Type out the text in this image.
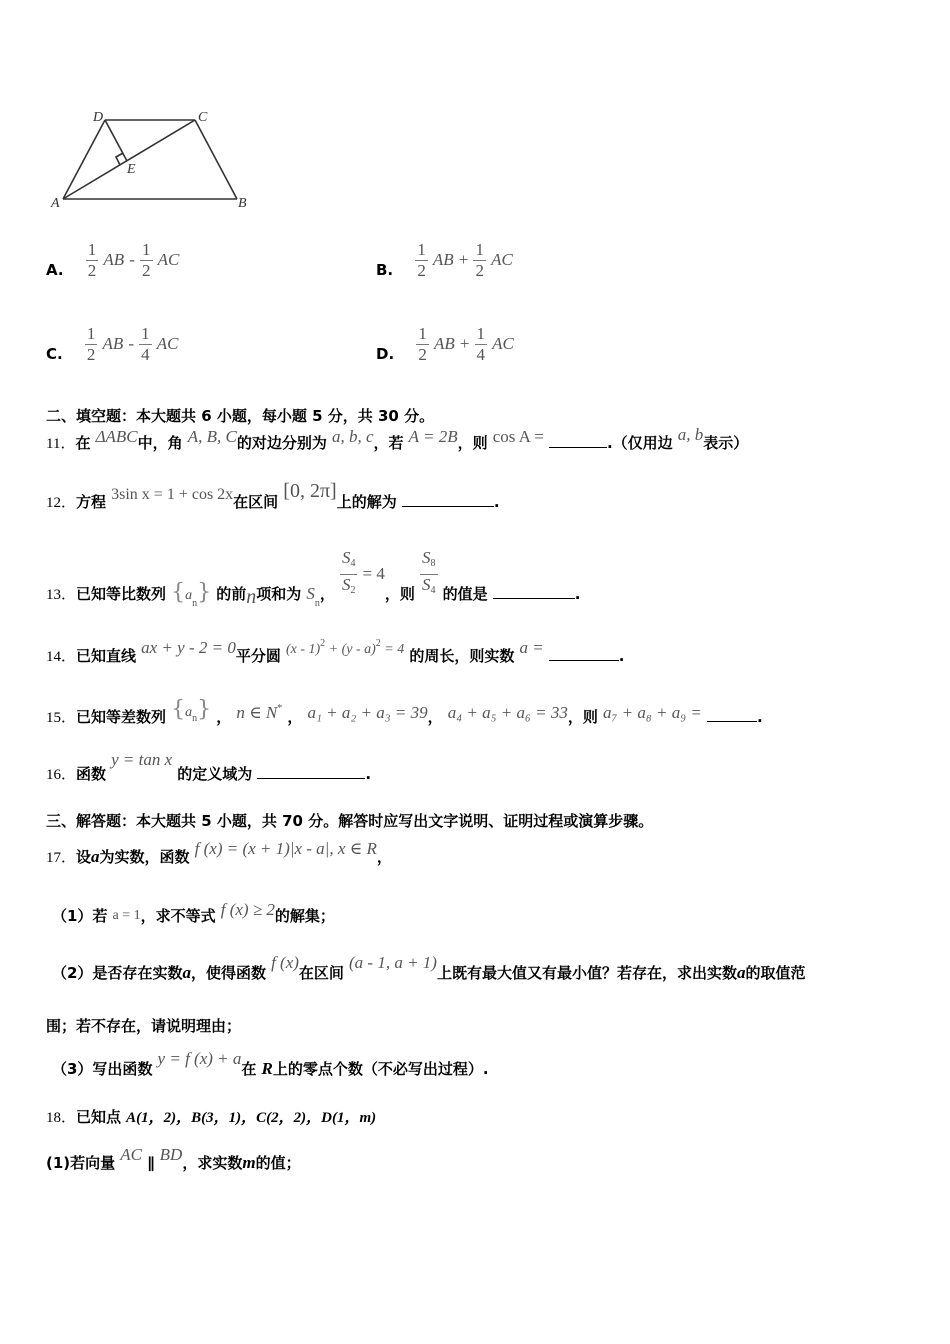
D	C
E
A	B
A. $\frac{1}{2}$ AB - $\frac{1}{2}$ AC
B. $\frac{1}{2}$ AB + $\frac{1}{2}$ AC
C. $\frac{1}{2}$ AB - $\frac{1}{4}$ AC
D. $\frac{1}{2}$ AB + $\frac{1}{4}$ AC
二、填空题：本大题共 6 小题，每小题 5 分，共 30 分。
11．在 ΔABC中，角 A, B, C的对边分别为 a, b, c，若 A = 2B，则 cos A =	.（仅用边 a, b表示）
12．方程 3sin x = 1 + cos 2x在区间 [0, 2π]上的解为	.
13．已知等比数列 $\{a_n\}$ 的前n项和为 $S_n$， $\frac{S_4}{S_2} = 4$，则 $\frac{S_8}{S_4}$ 的值是	.
14．已知直线 ax + y - 2 = 0平分圆 (x - 1)$^2$ + (y - a)$^2$ = 4 的周长，则实数 a =	.
15．已知等差数列 $\{a_n\}$ ， n ∈ N* ， a₁ + a₂ + a₃ = 39， a₄ + a₅ + a₆ = 33，则 a₇ + a₈ + a₉ =	.
16．函数 y = tan x 的定义域为	.
三、解答题：本大题共 5 小题，共 70 分。解答时应写出文字说明、证明过程或演算步骤。
17．设a为实数，函数 f (x) = (x + 1)|x - a|, x ∈ R，
（1）若 a = 1，求不等式 f (x) ≥ 2的解集；
（2）是否存在实数a，使得函数 f (x)在区间 (a - 1, a + 1)上既有最大值又有最小值？若存在，求出实数a的取值范
围；若不存在，请说明理由；
（3）写出函数 y = f (x) + a在 R上的零点个数（不必写出过程）.
18．已知点 A(1，2)，B(3，1)，C(2，2)，D(1，m)
(1)若向量 AC ∥ BD，求实数m的值；
